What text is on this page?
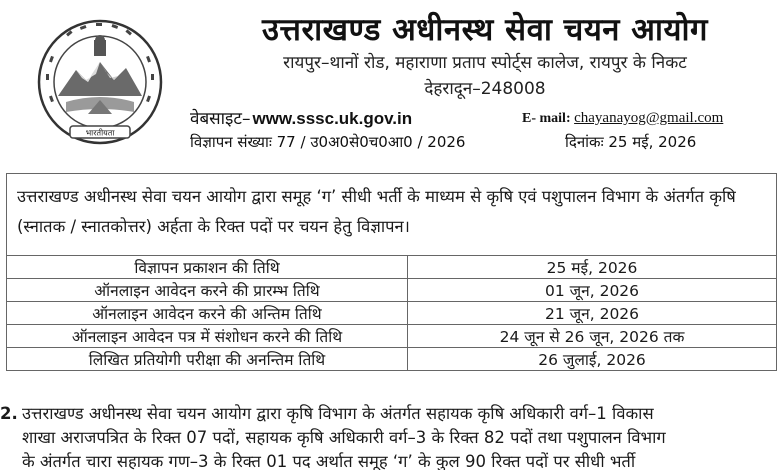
भारतीयता
उत्तराखण्ड अधीनस्थ सेवा चयन आयोग
रायपुर–थानों रोड, महाराणा प्रताप स्पोर्ट्स कालेज, रायपुर के निकट
देहरादून–248008
वेबसाइट– www.sssc.uk.gov.in	E- mail: chayanayog@gmail.com
विज्ञापन संख्याः 77 / उ0अ0से0च0आ0 / 2026	दिनांकः 25 मई, 2026
उत्तराखण्ड अधीनस्थ सेवा चयन आयोग द्वारा समूह ‘ग’ सीधी भर्ती के माध्यम से कृषि एवं पशुपालन विभाग के अंतर्गत कृषि (स्नातक / स्नातकोत्तर) अर्हता के रिक्त पदों पर चयन हेतु विज्ञापन।
विज्ञापन प्रकाशन की तिथि	25 मई, 2026
ऑनलाइन आवेदन करने की प्रारम्भ तिथि	01 जून, 2026
ऑनलाइन आवेदन करने की अन्तिम तिथि	21 जून, 2026
ऑनलाइन आवेदन पत्र में संशोधन करने की तिथि	24 जून से 26 जून, 2026 तक
लिखित प्रतियोगी परीक्षा की अनन्तिम तिथि	26 जुलाई, 2026
2. उत्तराखण्ड अधीनस्थ सेवा चयन आयोग द्वारा कृषि विभाग के अंतर्गत सहायक कृषि अधिकारी वर्ग–1 विकास
शाखा अराजपत्रित के रिक्त 07 पदों, सहायक कृषि अधिकारी वर्ग–3 के रिक्त 82 पदों तथा पशुपालन विभाग
के अंतर्गत चारा सहायक गण–3 के रिक्त 01 पद अर्थात समूह ‘ग’ के कुल 90 रिक्त पदों पर सीधी भर्ती
